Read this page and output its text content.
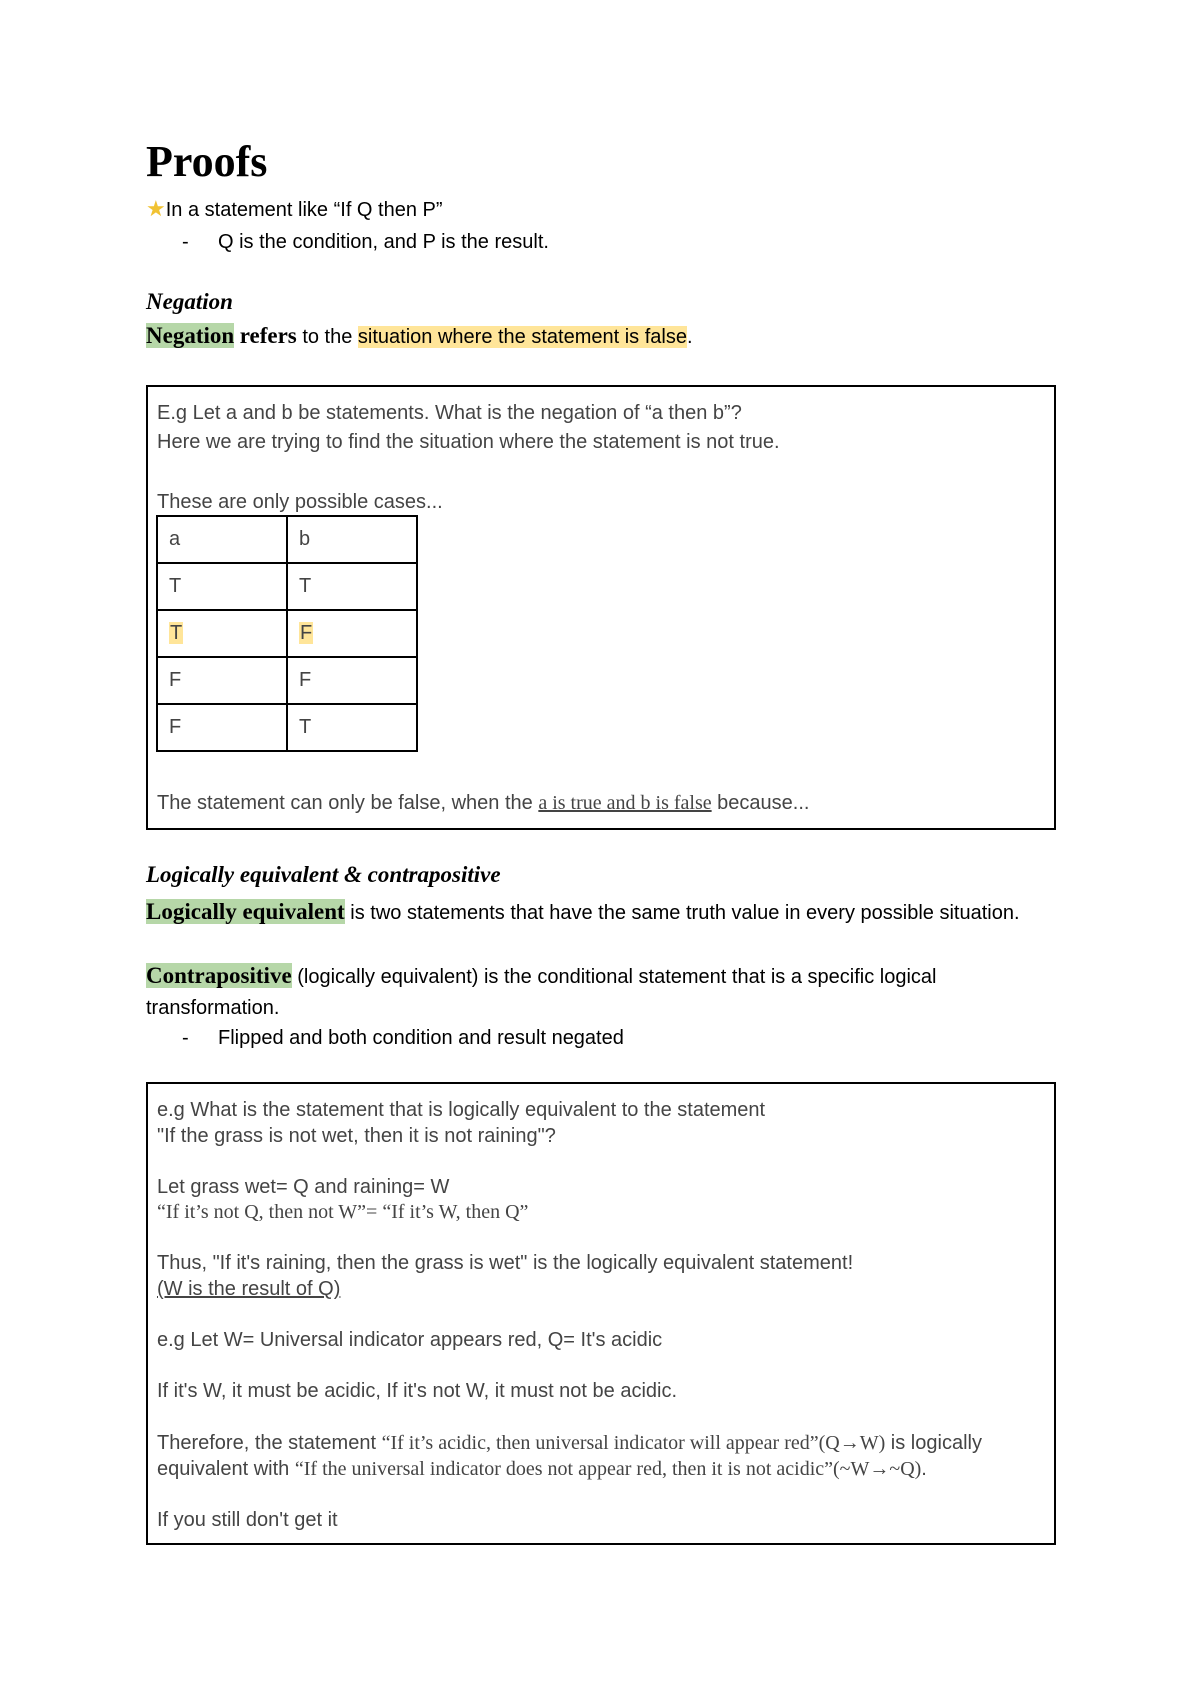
Proofs
★In a statement like “If Q then P”
- Q is the condition, and P is the result.
Negation
Negation refers to the situation where the statement is false.
E.g Let a and b be statements. What is the negation of “a then b”?
Here we are trying to find the situation where the statement is not true.
These are only possible cases...
a	b
T	T
T	F
F	F
F	T
The statement can only be false, when the a is true and b is false because...
Logically equivalent & contrapositive
Logically equivalent is two statements that have the same truth value in every possible situation.
Contrapositive (logically equivalent) is the conditional statement that is a specific logical transformation.
- Flipped and both condition and result negated
e.g What is the statement that is logically equivalent to the statement
"If the grass is not wet, then it is not raining"?
Let grass wet= Q and raining= W
“If it’s not Q, then not W”= “If it’s W, then Q”
Thus, "If it's raining, then the grass is wet" is the logically equivalent statement!
(W is the result of Q)
e.g Let W= Universal indicator appears red, Q= It's acidic
If it's W, it must be acidic, If it's not W, it must not be acidic.
Therefore, the statement “If it’s acidic, then universal indicator will appear red”(Q→W) is logically equivalent with “If the universal indicator does not appear red, then it is not acidic”(~W→~Q).
If you still don't get it
